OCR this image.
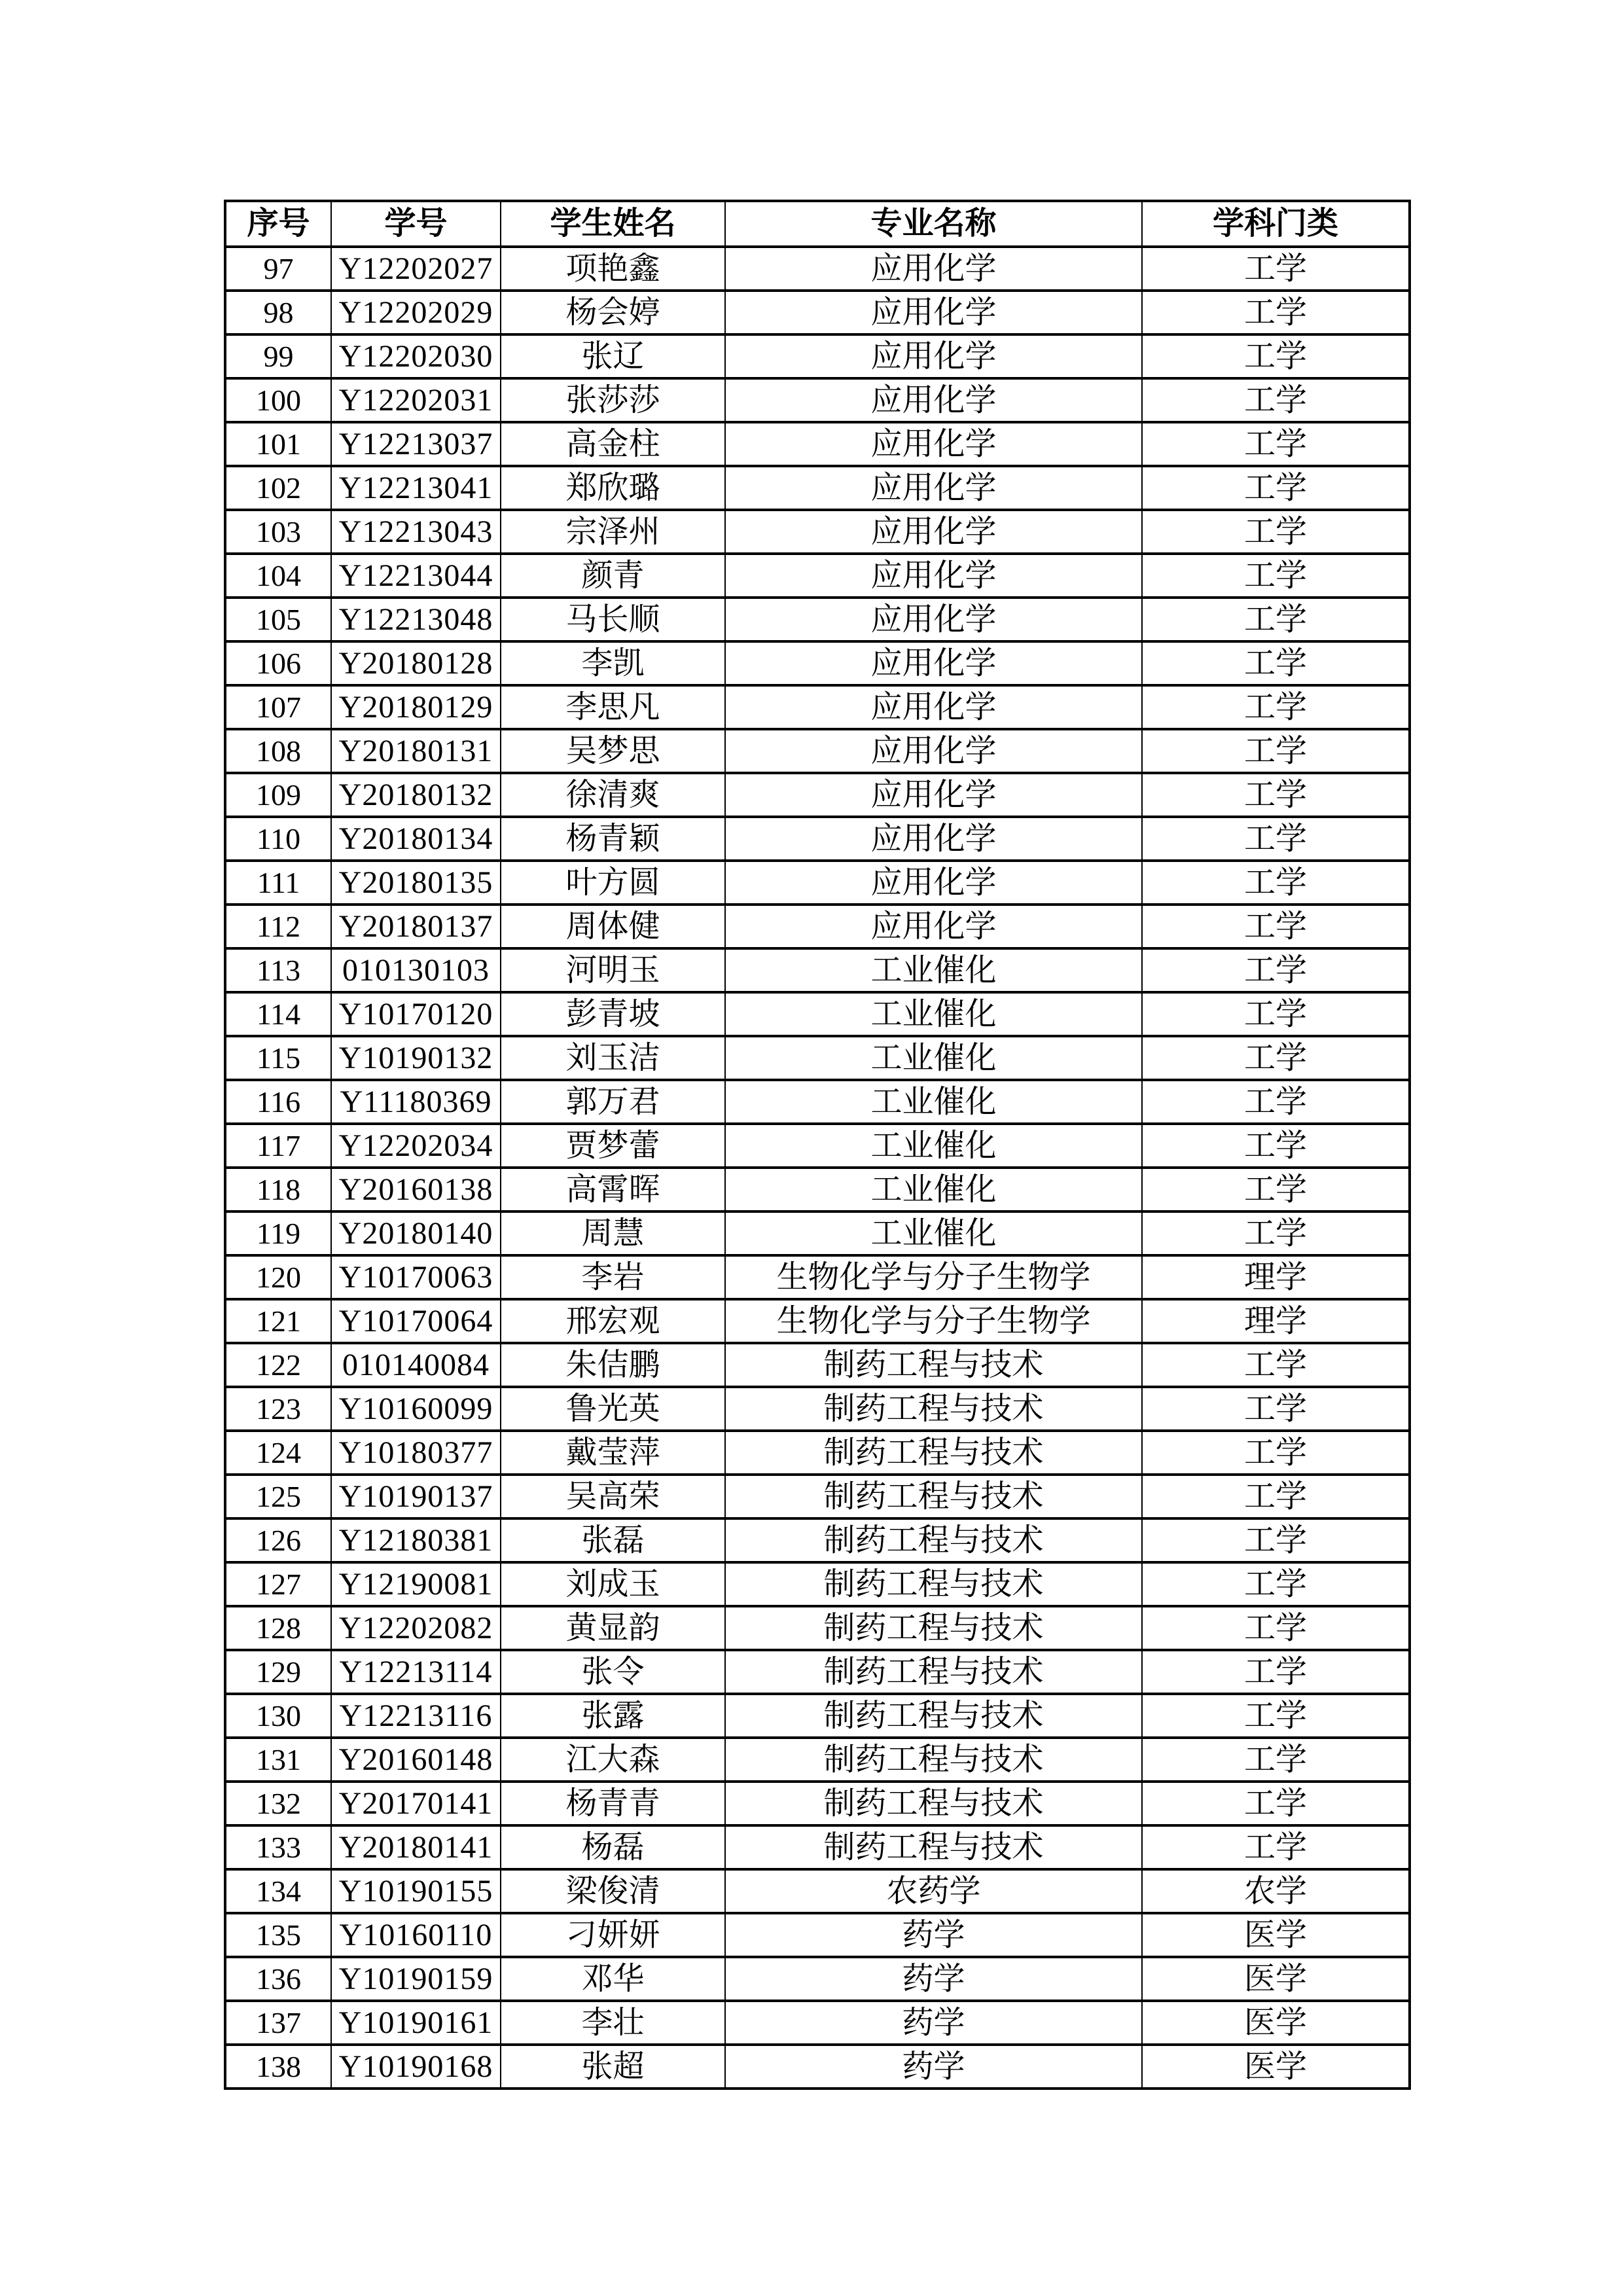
序号	学号	学生姓名	专业名称	学科门类
97	Y12202027	项艳鑫	应用化学	工学
98	Y12202029	杨会婷	应用化学	工学
99	Y12202030	张辽	应用化学	工学
100	Y12202031	张莎莎	应用化学	工学
101	Y12213037	高金柱	应用化学	工学
102	Y12213041	郑欣璐	应用化学	工学
103	Y12213043	宗泽州	应用化学	工学
104	Y12213044	颜青	应用化学	工学
105	Y12213048	马长顺	应用化学	工学
106	Y20180128	李凯	应用化学	工学
107	Y20180129	李思凡	应用化学	工学
108	Y20180131	吴梦思	应用化学	工学
109	Y20180132	徐清爽	应用化学	工学
110	Y20180134	杨青颖	应用化学	工学
111	Y20180135	叶方圆	应用化学	工学
112	Y20180137	周体健	应用化学	工学
113	010130103	河明玉	工业催化	工学
114	Y10170120	彭青坡	工业催化	工学
115	Y10190132	刘玉洁	工业催化	工学
116	Y11180369	郭万君	工业催化	工学
117	Y12202034	贾梦蕾	工业催化	工学
118	Y20160138	高霄晖	工业催化	工学
119	Y20180140	周慧	工业催化	工学
120	Y10170063	李岩	生物化学与分子生物学	理学
121	Y10170064	邢宏观	生物化学与分子生物学	理学
122	010140084	朱佶鹏	制药工程与技术	工学
123	Y10160099	鲁光英	制药工程与技术	工学
124	Y10180377	戴莹萍	制药工程与技术	工学
125	Y10190137	吴高荣	制药工程与技术	工学
126	Y12180381	张磊	制药工程与技术	工学
127	Y12190081	刘成玉	制药工程与技术	工学
128	Y12202082	黄显韵	制药工程与技术	工学
129	Y12213114	张令	制药工程与技术	工学
130	Y12213116	张露	制药工程与技术	工学
131	Y20160148	江大森	制药工程与技术	工学
132	Y20170141	杨青青	制药工程与技术	工学
133	Y20180141	杨磊	制药工程与技术	工学
134	Y10190155	梁俊清	农药学	农学
135	Y10160110	刁妍妍	药学	医学
136	Y10190159	邓华	药学	医学
137	Y10190161	李壮	药学	医学
138	Y10190168	张超	药学	医学
